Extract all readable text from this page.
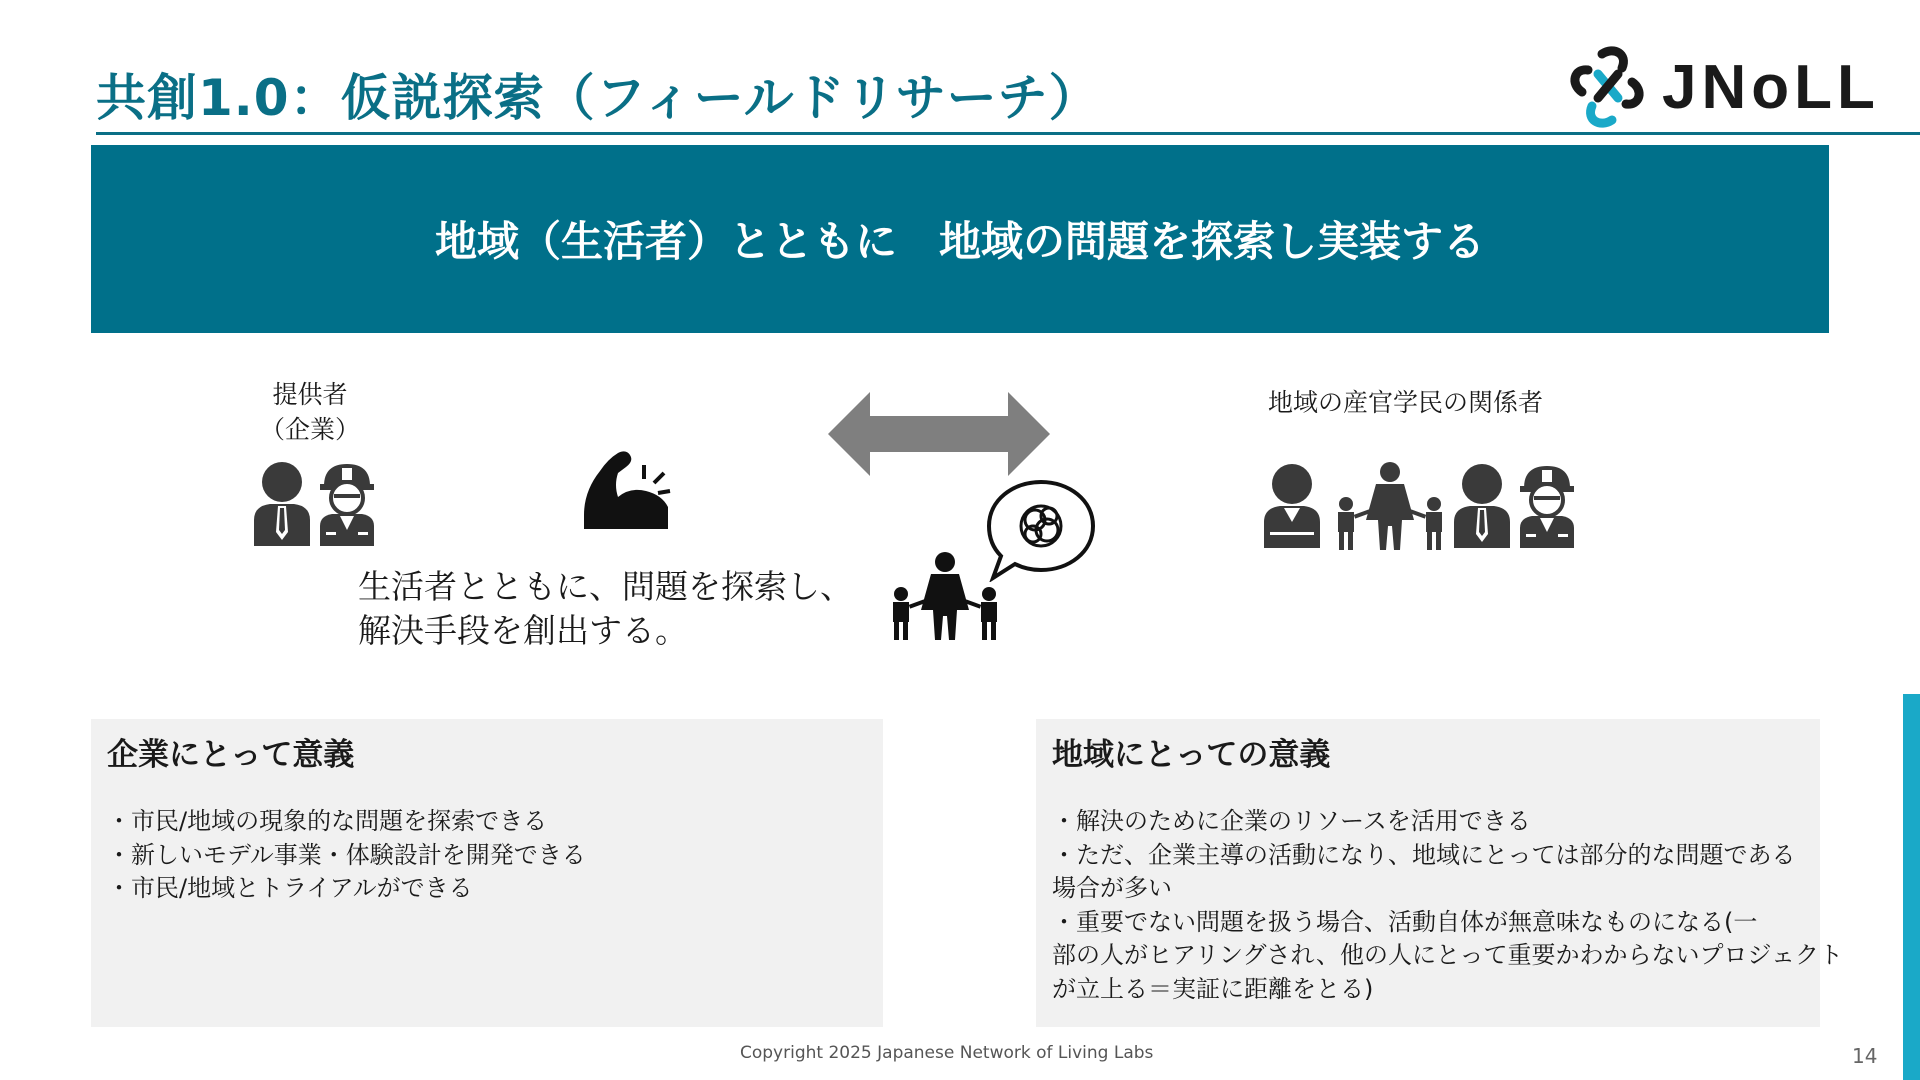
共創1.0：仮説探索（フィールドリサーチ）	JNoLL
地域（生活者）とともに　地域の問題を探索し実装する
提供者
（企業）
生活者とともに、問題を探索し、
解決手段を創出する。
地域の産官学民の関係者
企業にとって意義
・市民/地域の現象的な問題を探索できる
・新しいモデル事業・体験設計を開発できる
・市民/地域とトライアルができる
地域にとっての意義
・解決のために企業のリソースを活用できる
・ただ、企業主導の活動になり、地域にとっては部分的な問題である
場合が多い
・重要でない問題を扱う場合、活動自体が無意味なものになる(一
部の人がヒアリングされ、他の人にとって重要かわからないプロジェクト
が立上る＝実証に距離をとる)
Copyright 2025 Japanese Network of Living Labs	14
